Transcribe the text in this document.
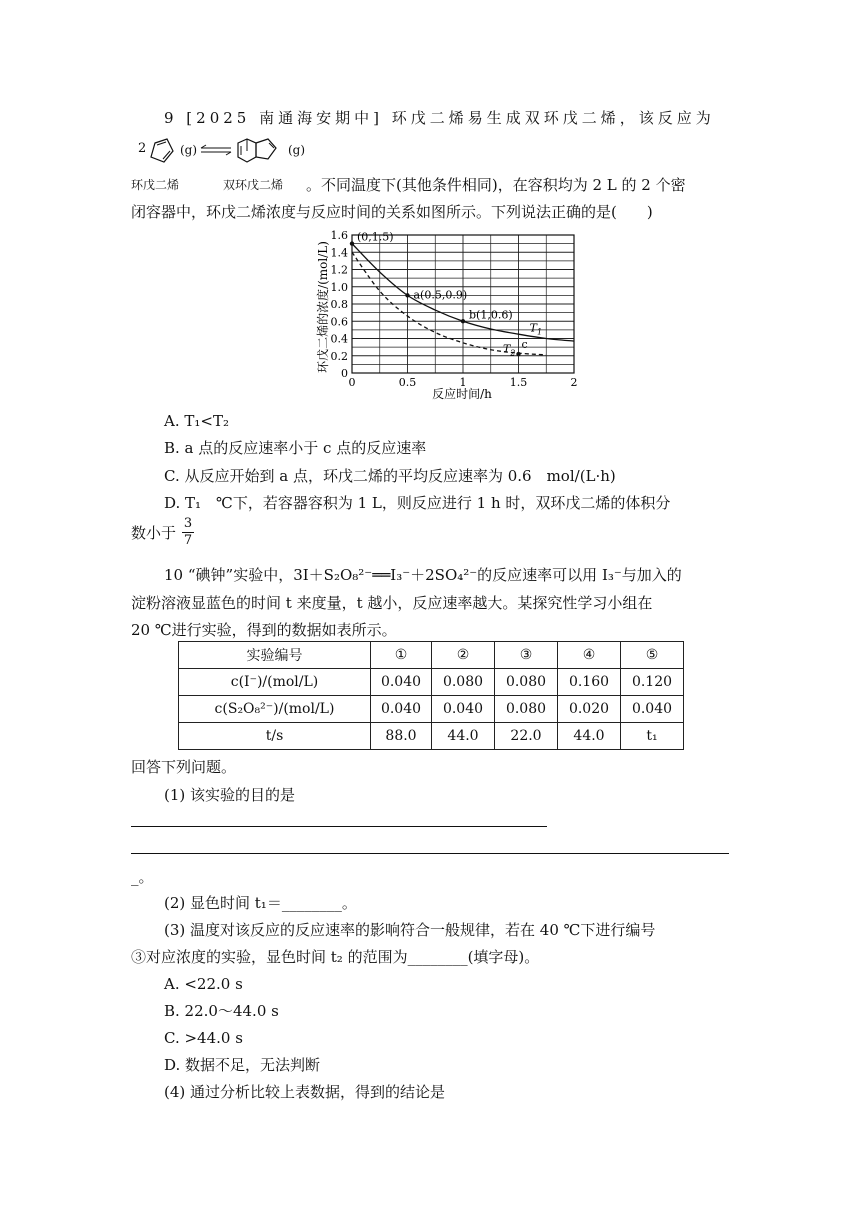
9 [2025 南通海安期中] 环戊二烯易生成双环戊二烯，该反应为
2	(g)	(g)
环戊二烯	双环戊二烯 。不同温度下(其他条件相同)，在容积均为 2 L 的 2 个密
闭容器中，环戊二烯浓度与反应时间的关系如图所示。下列说法正确的是(　　)
0
0.2
0.4
0.6
0.8
1.0
1.2
1.4
1.6
0	0.5	1	1.5	2
$T_1$
$T_2$
(0,1.5)
a(0.5,0.9)
b(1,0.6)
c
环戊二烯的浓度/(mol/L)
反应时间/h
A. T₁<T₂
B. a 点的反应速率小于 c 点的反应速率
C. 从反应开始到 a 点，环戊二烯的平均反应速率为 0.6　mol/(L·h)
D. T₁　℃下，若容器容积为 1 L，则反应进行 1 h 时，双环戊二烯的体积分
数小于
3
7
10 “碘钟”实验中，3I＋S₂O₈²⁻══I₃⁻＋2SO₄²⁻的反应速率可以用 I₃⁻与加入的
淀粉溶液显蓝色的时间 t 来度量，t 越小，反应速率越大。某探究性学习小组在
20 ℃进行实验，得到的数据如表所示。
实验编号	①	②	③	④	⑤
c(I⁻)/(mol/L)	0.040	0.080	0.080	0.160	0.120
c(S₂O₈²⁻)/(mol/L)	0.040	0.040	0.080	0.020	0.040
t/s	88.0	44.0	22.0	44.0	t₁
回答下列问题。
(1) 该实验的目的是
_。
(2) 显色时间 t₁＝________。
(3) 温度对该反应的反应速率的影响符合一般规律，若在 40 ℃下进行编号
③对应浓度的实验，显色时间 t₂ 的范围为________(填字母)。
A. <22.0 s
B. 22.0～44.0 s
C. >44.0 s
D. 数据不足，无法判断
(4) 通过分析比较上表数据，得到的结论是
